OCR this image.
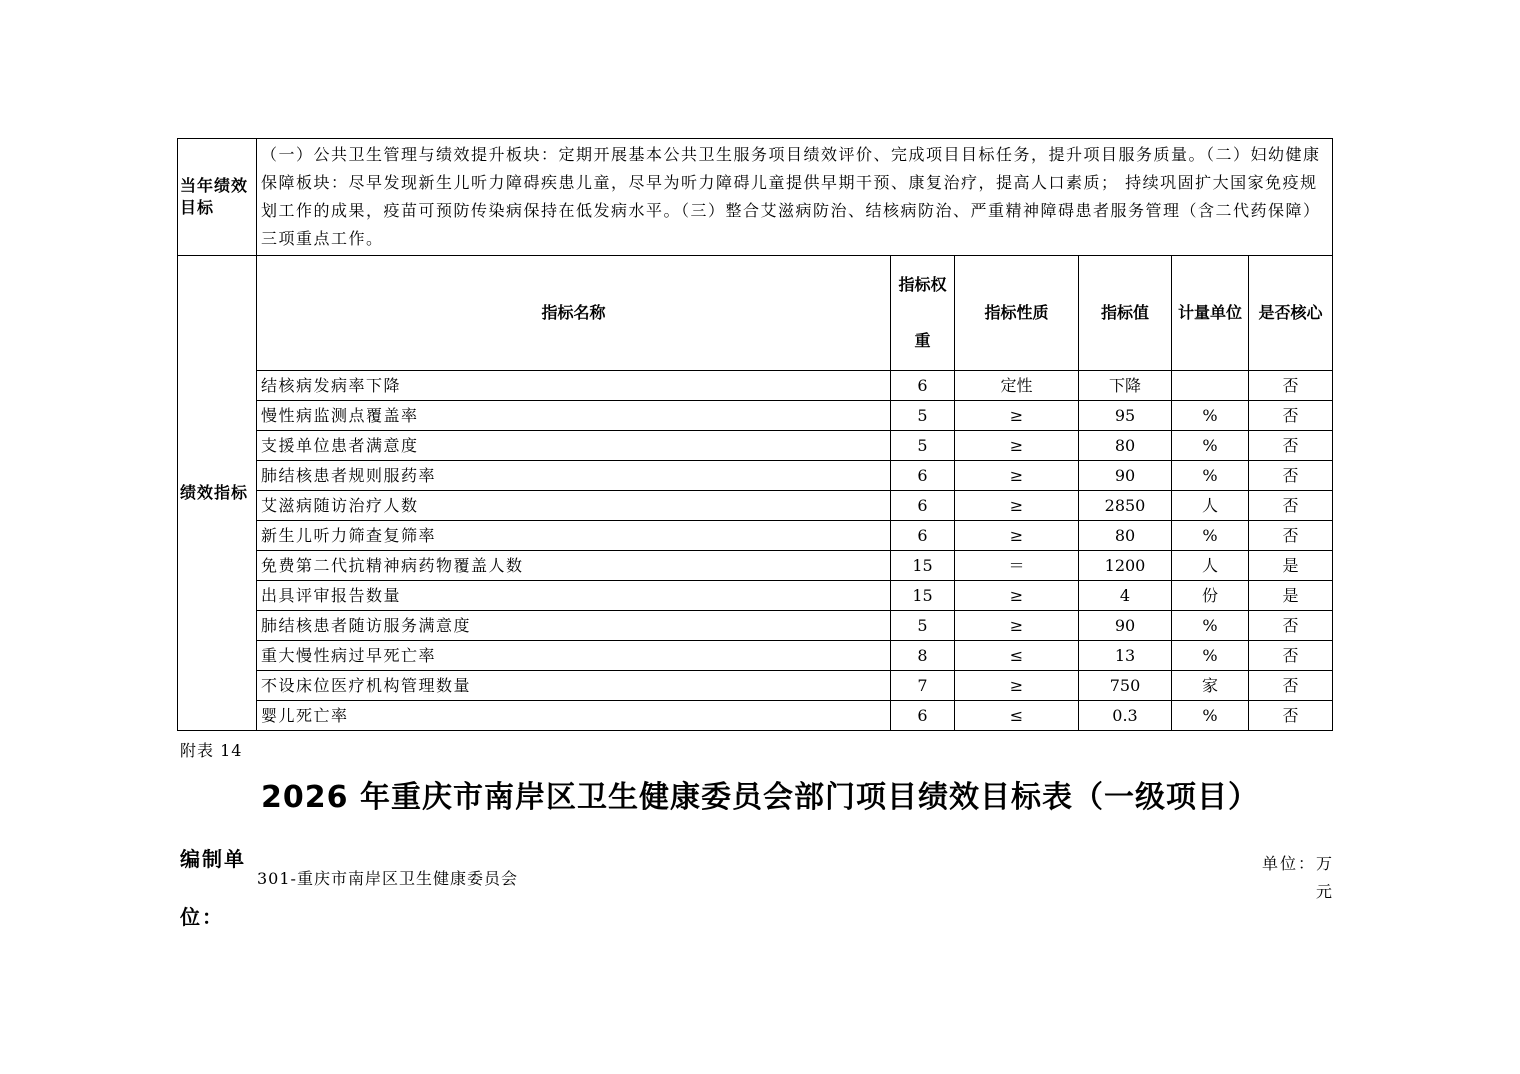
当年绩效目标	（一）公共卫生管理与绩效提升板块：定期开展基本公共卫生服务项目绩效评价、完成项目目标任务，提升项目服务质量。（二）妇幼健康保障板块：尽早发现新生儿听力障碍疾患儿童，尽早为听力障碍儿童提供早期干预、康复治疗，提高人口素质； 持续巩固扩大国家免疫规划工作的成果，疫苗可预防传染病保持在低发病水平。（三）整合艾滋病防治、结核病防治、严重精神障碍患者服务管理（含二代药保障）三项重点工作。					
绩效指标	指标名称	指标权重	指标性质	指标值	计量单位	是否核心
	结核病发病率下降	6	定性	下降		否
	慢性病监测点覆盖率	5	≥	95	%	否
	支援单位患者满意度	5	≥	80	%	否
	肺结核患者规则服药率	6	≥	90	%	否
	艾滋病随访治疗人数	6	≥	2850	人	否
	新生儿听力筛查复筛率	6	≥	80	%	否
	免费第二代抗精神病药物覆盖人数	15	＝	1200	人	是
	出具评审报告数量	15	≥	4	份	是
	肺结核患者随访服务满意度	5	≥	90	%	否
	重大慢性病过早死亡率	8	≤	13	%	否
	不设床位医疗机构管理数量	7	≥	750	家	否
	婴儿死亡率	6	≤	0.3	%	否
附表 14
2026 年重庆市南岸区卫生健康委员会部门项目绩效目标表（一级项目）
编制单位：
301-重庆市南岸区卫生健康委员会
单位：万元
